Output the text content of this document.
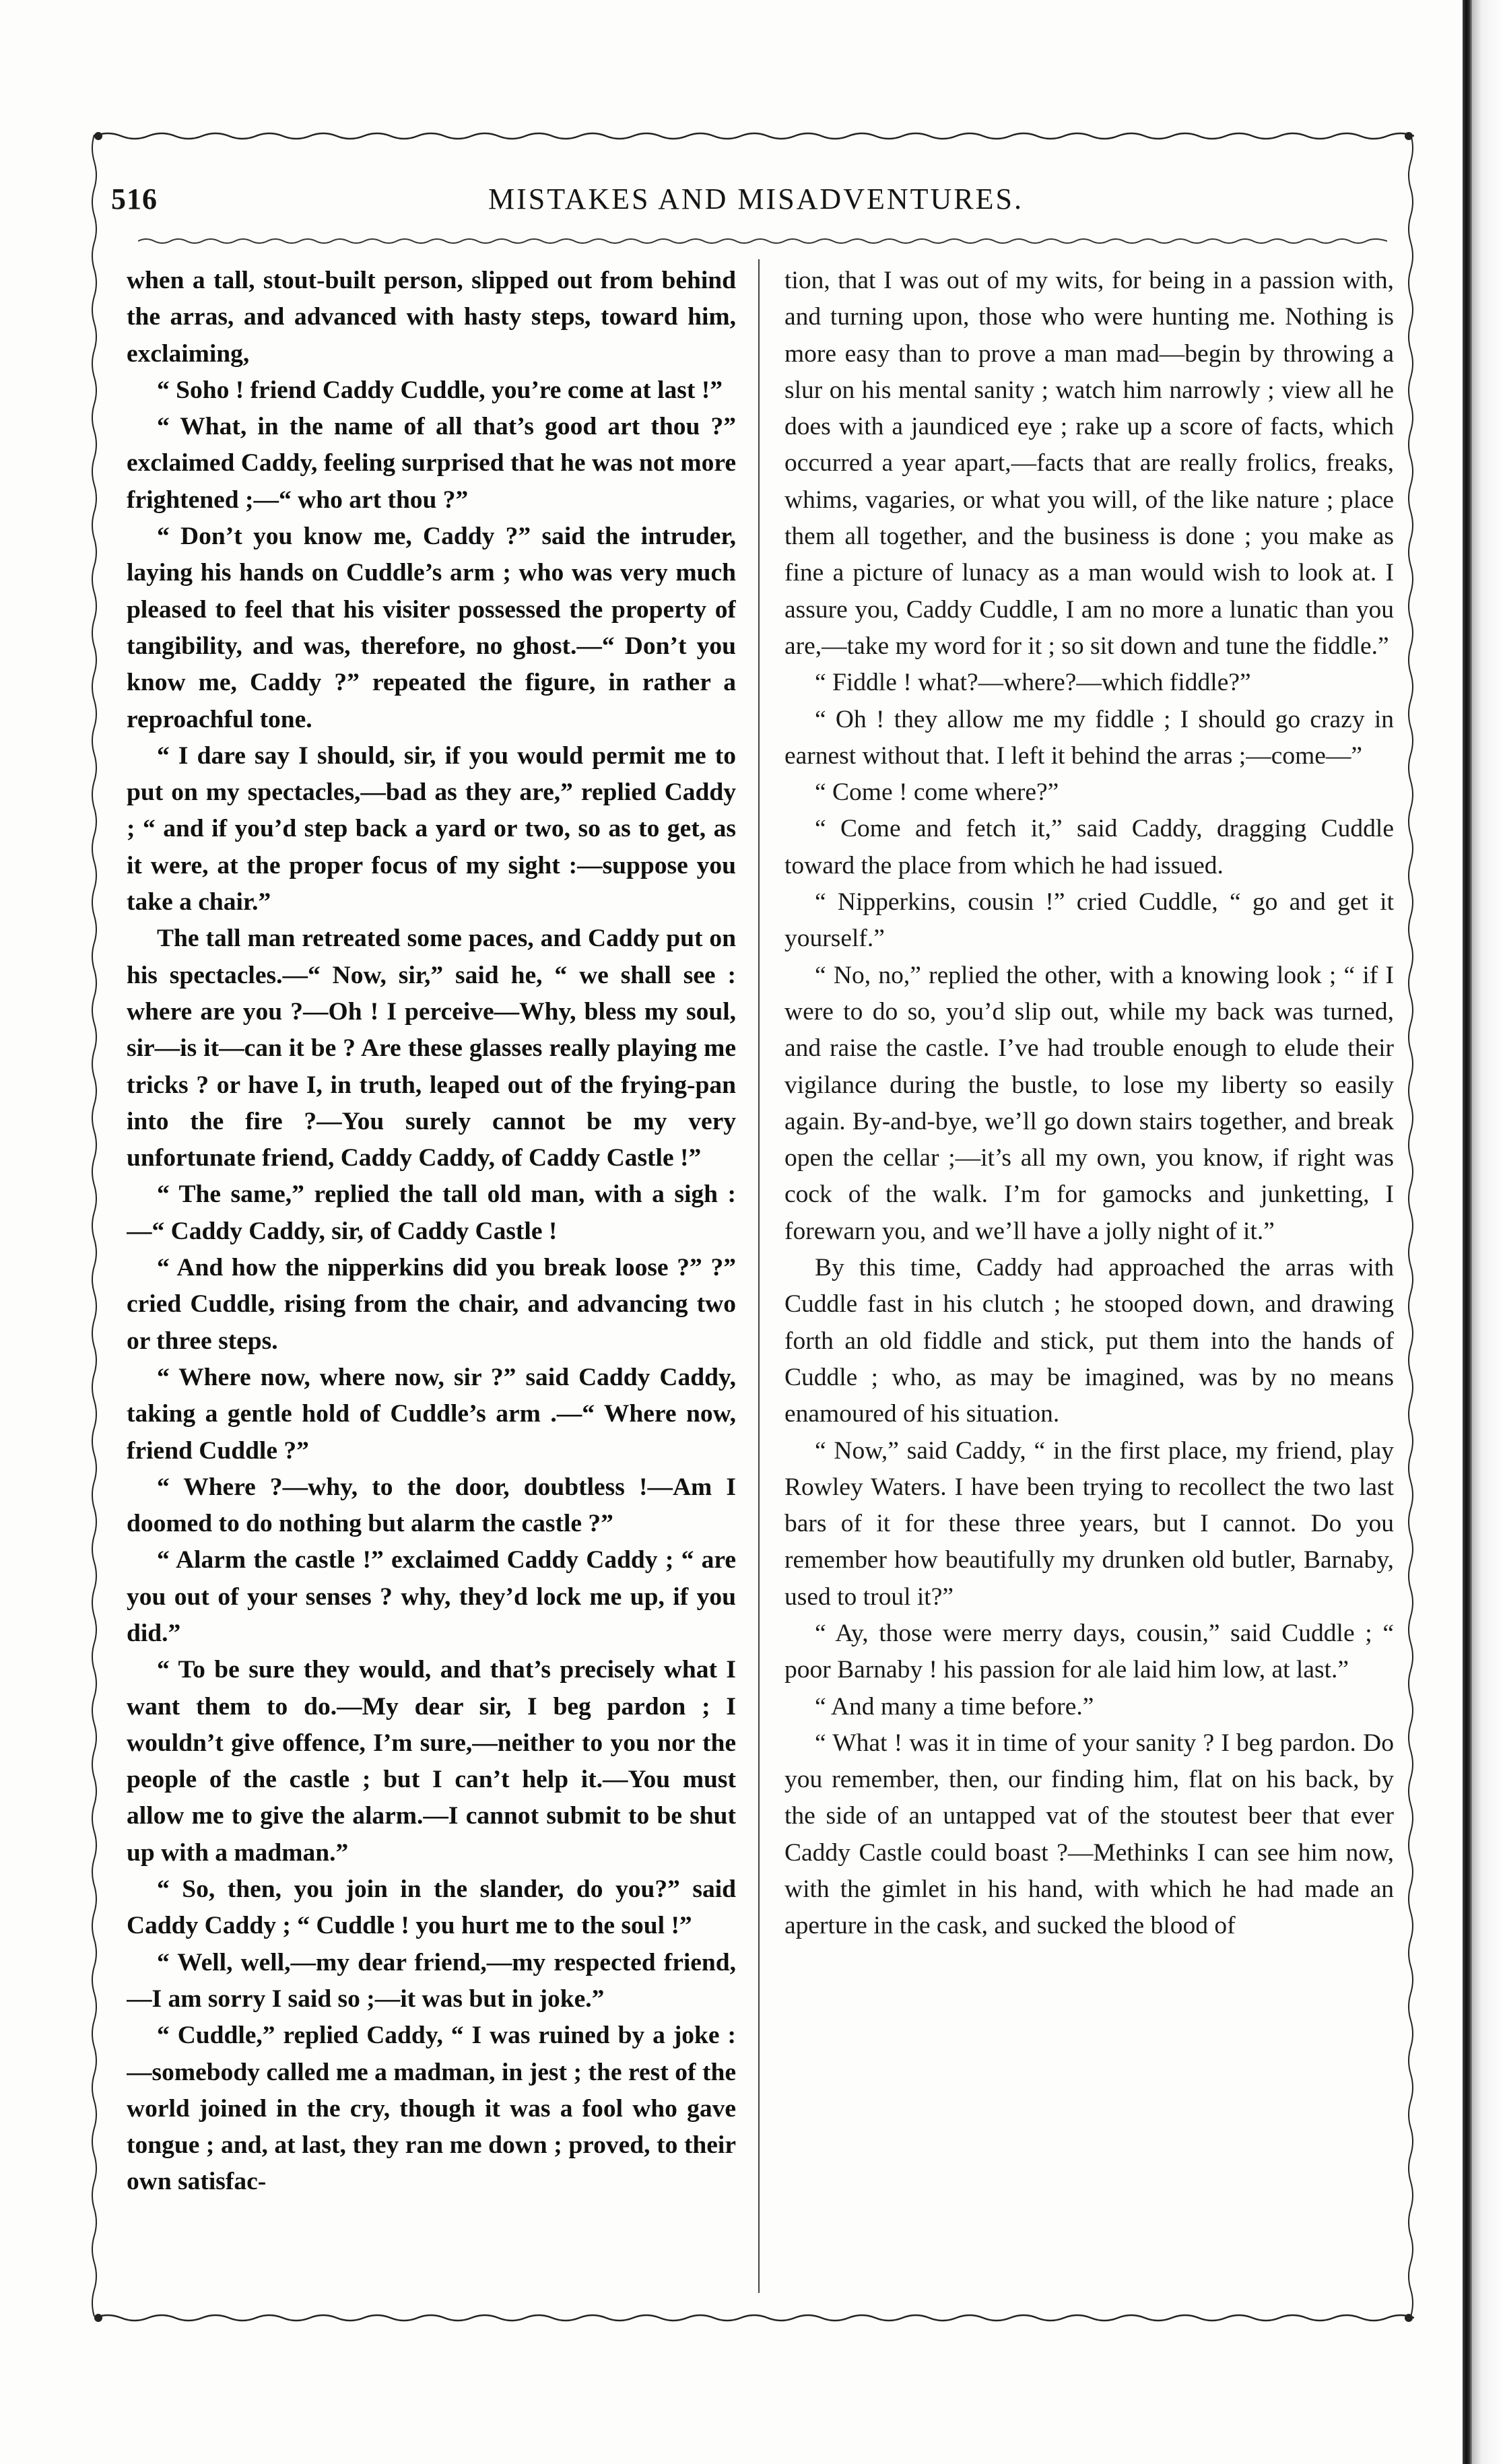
516	MISTAKES AND MISADVENTURES.

when a tall, stout-built person, slipped out from behind the arras, and advanced with hasty steps, toward him, exclaiming,

“ Soho ! friend Caddy Cuddle, you’re come at last !”

“ What, in the name of all that’s good art thou ?” exclaimed Caddy, feeling surprised that he was not more frightened ;—“ who art thou ?”

“ Don’t you know me, Caddy ?” said the intruder, laying his hands on Cuddle’s arm ; who was very much pleased to feel that his visiter possessed the property of tangibility, and was, therefore, no ghost.—“ Don’t you know me, Caddy ?” repeated the figure, in rather a reproachful tone.

“ I dare say I should, sir, if you would permit me to put on my spectacles,—bad as they are,” replied Caddy ; “ and if you’d step back a yard or two, so as to get, as it were, at the proper focus of my sight :—suppose you take a chair.”

The tall man retreated some paces, and Caddy put on his spectacles.—“ Now, sir,” said he, “ we shall see : where are you ?—Oh ! I perceive—Why, bless my soul, sir—is it—can it be ? Are these glasses really playing me tricks ? or have I, in truth, leaped out of the frying-pan into the fire ?—You surely cannot be my very unfortunate friend, Caddy Caddy, of Caddy Castle !”

“ The same,” replied the tall old man, with a sigh :—“ Caddy Caddy, sir, of Caddy Castle !

“ And how the nipperkins did you break loose ?” ?” cried Cuddle, rising from the chair, and advancing two or three steps.

“ Where now, where now, sir ?” said Caddy Caddy, taking a gentle hold of Cuddle’s arm .—“ Where now, friend Cuddle ?”

“ Where ?—why, to the door, doubtless !—Am I doomed to do nothing but alarm the castle ?”

“ Alarm the castle !” exclaimed Caddy Caddy ; “ are you out of your senses ? why, they’d lock me up, if you did.”

“ To be sure they would, and that’s precisely what I want them to do.—My dear sir, I beg pardon ; I wouldn’t give offence, I’m sure,—neither to you nor the people of the castle ; but I can’t help it.—You must allow me to give the alarm.—I cannot submit to be shut up with a madman.”

“ So, then, you join in the slander, do you?” said Caddy Caddy ; “ Cuddle ! you hurt me to the soul !”

“ Well, well,—my dear friend,—my respected friend,—I am sorry I said so ;—it was but in joke.”

“ Cuddle,” replied Caddy, “ I was ruined by a joke :—somebody called me a madman, in jest ; the rest of the world joined in the cry, though it was a fool who gave tongue ; and, at last, they ran me down ; proved, to their own satisfac-

tion, that I was out of my wits, for being in a passion with, and turning upon, those who were hunting me. Nothing is more easy than to prove a man mad—begin by throwing a slur on his mental sanity ; watch him narrowly ; view all he does with a jaundiced eye ; rake up a score of facts, which occurred a year apart,—facts that are really frolics, freaks, whims, vagaries, or what you will, of the like nature ; place them all together, and the business is done ; you make as fine a picture of lunacy as a man would wish to look at. I assure you, Caddy Cuddle, I am no more a lunatic than you are,—take my word for it ; so sit down and tune the fiddle.”

“ Fiddle ! what?—where?—which fiddle?”

“ Oh ! they allow me my fiddle ; I should go crazy in earnest without that. I left it behind the arras ;—come—”

“ Come ! come where?”

“ Come and fetch it,” said Caddy, dragging Cuddle toward the place from which he had issued.

“ Nipperkins, cousin !” cried Cuddle, “ go and get it yourself.”

“ No, no,” replied the other, with a knowing look ; “ if I were to do so, you’d slip out, while my back was turned, and raise the castle. I’ve had trouble enough to elude their vigilance during the bustle, to lose my liberty so easily again. By-and-bye, we’ll go down stairs together, and break open the cellar ;—it’s all my own, you know, if right was cock of the walk. I’m for gamocks and junketting, I forewarn you, and we’ll have a jolly night of it.”

By this time, Caddy had approached the arras with Cuddle fast in his clutch ; he stooped down, and drawing forth an old fiddle and stick, put them into the hands of Cuddle ; who, as may be imagined, was by no means enamoured of his situation.

“ Now,” said Caddy, “ in the first place, my friend, play Rowley Waters. I have been trying to recollect the two last bars of it for these three years, but I cannot. Do you remember how beautifully my drunken old butler, Barnaby, used to troul it?”

“ Ay, those were merry days, cousin,” said Cuddle ; “ poor Barnaby ! his passion for ale laid him low, at last.”

“ And many a time before.”

“ What ! was it in time of your sanity ? I beg pardon. Do you remember, then, our finding him, flat on his back, by the side of an untapped vat of the stoutest beer that ever Caddy Castle could boast ?—Methinks I can see him now, with the gimlet in his hand, with which he had made an aperture in the cask, and sucked the blood of
